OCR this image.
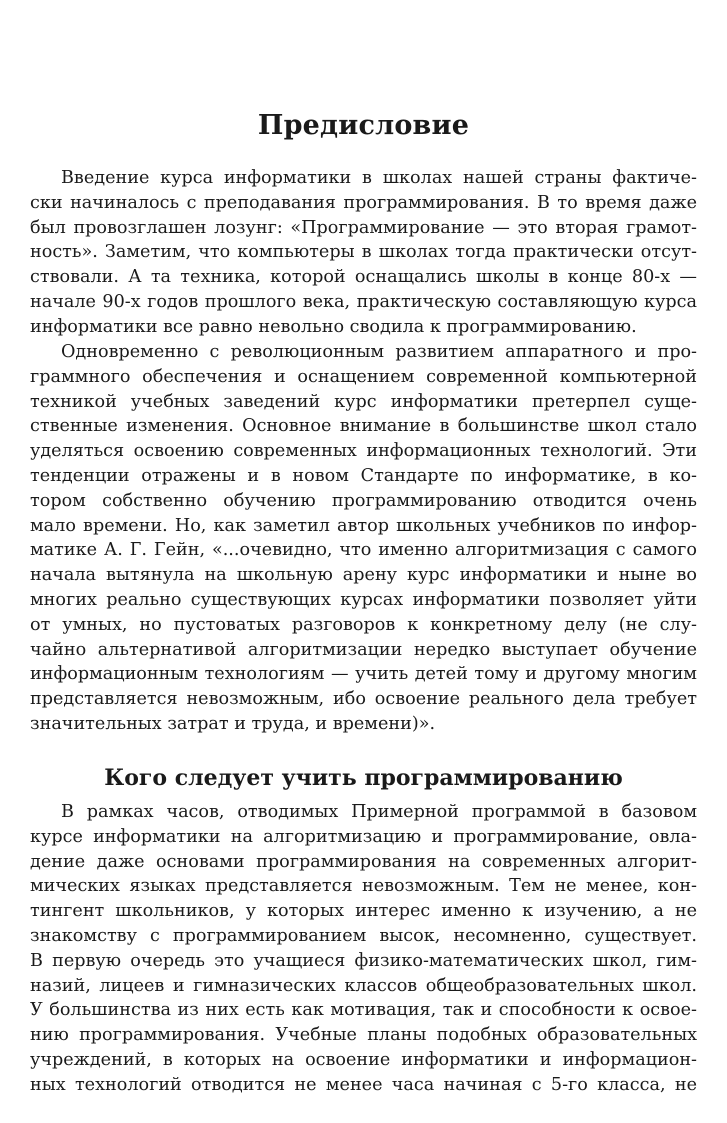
Предисловие
Введение курса информатики в школах нашей страны фактиче-
ски начиналось с преподавания программирования. В то время даже
был провозглашен лозунг: «Программирование — это вторая грамот-
ность». Заметим, что компьютеры в школах тогда практически отсут-
ствовали. А та техника, которой оснащались школы в конце 80-х —
начале 90-х годов прошлого века, практическую составляющую курса
информатики все равно невольно сводила к программированию.
Одновременно с революционным развитием аппаратного и про-
граммного обеспечения и оснащением современной компьютерной
техникой учебных заведений курс информатики претерпел суще-
ственные изменения. Основное внимание в большинстве школ стало
уделяться освоению современных информационных технологий. Эти
тенденции отражены и в новом Стандарте по информатике, в ко-
тором собственно обучению программированию отводится очень
мало времени. Но, как заметил автор школьных учебников по инфор-
матике А. Г. Гейн, «...очевидно, что именно алгоритмизация с самого
начала вытянула на школьную арену курс информатики и ныне во
многих реально существующих курсах информатики позволяет уйти
от умных, но пустоватых разговоров к конкретному делу (не слу-
чайно альтернативой алгоритмизации нередко выступает обучение
информационным технологиям — учить детей тому и другому многим
представляется невозможным, ибо освоение реального дела требует
значительных затрат и труда, и времени)».
Кого следует учить программированию
В рамках часов, отводимых Примерной программой в базовом
курсе информатики на алгоритмизацию и программирование, овла-
дение даже основами программирования на современных алгорит-
мических языках представляется невозможным. Тем не менее, кон-
тингент школьников, у которых интерес именно к изучению, а не
знакомству с программированием высок, несомненно, существует.
В первую очередь это учащиеся физико-математических школ, гим-
назий, лицеев и гимназических классов общеобразовательных школ.
У большинства из них есть как мотивация, так и способности к освое-
нию программирования. Учебные планы подобных образовательных
учреждений, в которых на освоение информатики и информацион-
ных технологий отводится не менее часа начиная с 5-го класса, не
